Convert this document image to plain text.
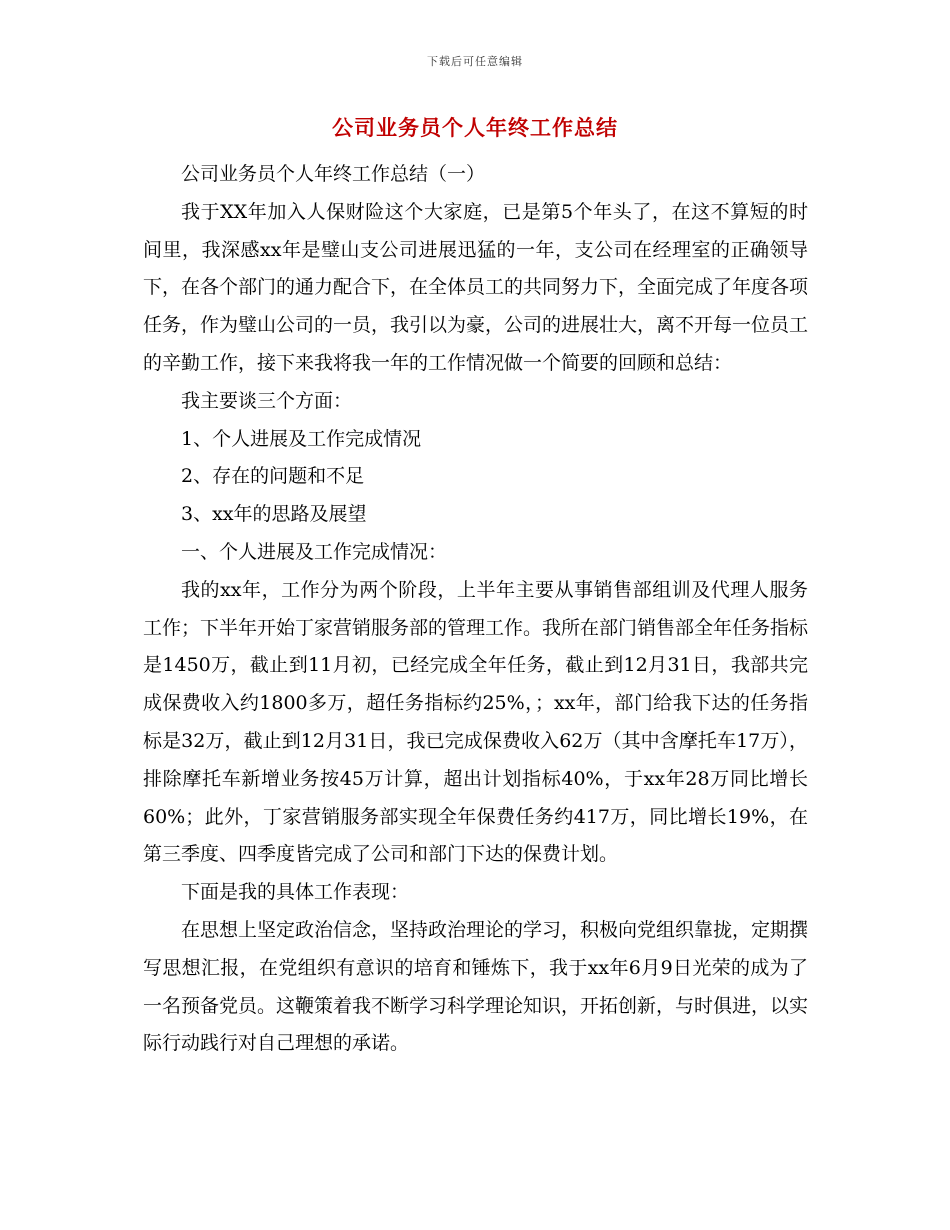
下载后可任意编辑
公司业务员个人年终工作总结

公司业务员个人年终工作总结（一）

我于XX年加入人保财险这个大家庭，已是第5个年头了，在这不算短的时间里，我深感xx年是璧山支公司进展迅猛的一年，支公司在经理室的正确领导下，在各个部门的通力配合下，在全体员工的共同努力下，全面完成了年度各项任务，作为璧山公司的一员，我引以为豪，公司的进展壮大，离不开每一位员工的辛勤工作，接下来我将我一年的工作情况做一个简要的回顾和总结：

我主要谈三个方面：

1、个人进展及工作完成情况

2、存在的问题和不足

3、xx年的思路及展望

一、个人进展及工作完成情况：

我的xx年，工作分为两个阶段，上半年主要从事销售部组训及代理人服务工作；下半年开始丁家营销服务部的管理工作。我所在部门销售部全年任务指标是1450万，截止到11月初，已经完成全年任务，截止到12月31日，我部共完成保费收入约1800多万，超任务指标约25%，；xx年，部门给我下达的任务指标是32万，截止到12月31日，我已完成保费收入62万（其中含摩托车17万），排除摩托车新增业务按45万计算，超出计划指标40%，于xx年28万同比增长60%；此外，丁家营销服务部实现全年保费任务约417万，同比增长19%，在第三季度、四季度皆完成了公司和部门下达的保费计划。

下面是我的具体工作表现：

在思想上坚定政治信念，坚持政治理论的学习，积极向党组织靠拢，定期撰写思想汇报，在党组织有意识的培育和锤炼下，我于xx年6月9日光荣的成为了一名预备党员。这鞭策着我不断学习科学理论知识，开拓创新，与时俱进，以实际行动践行对自己理想的承诺。
